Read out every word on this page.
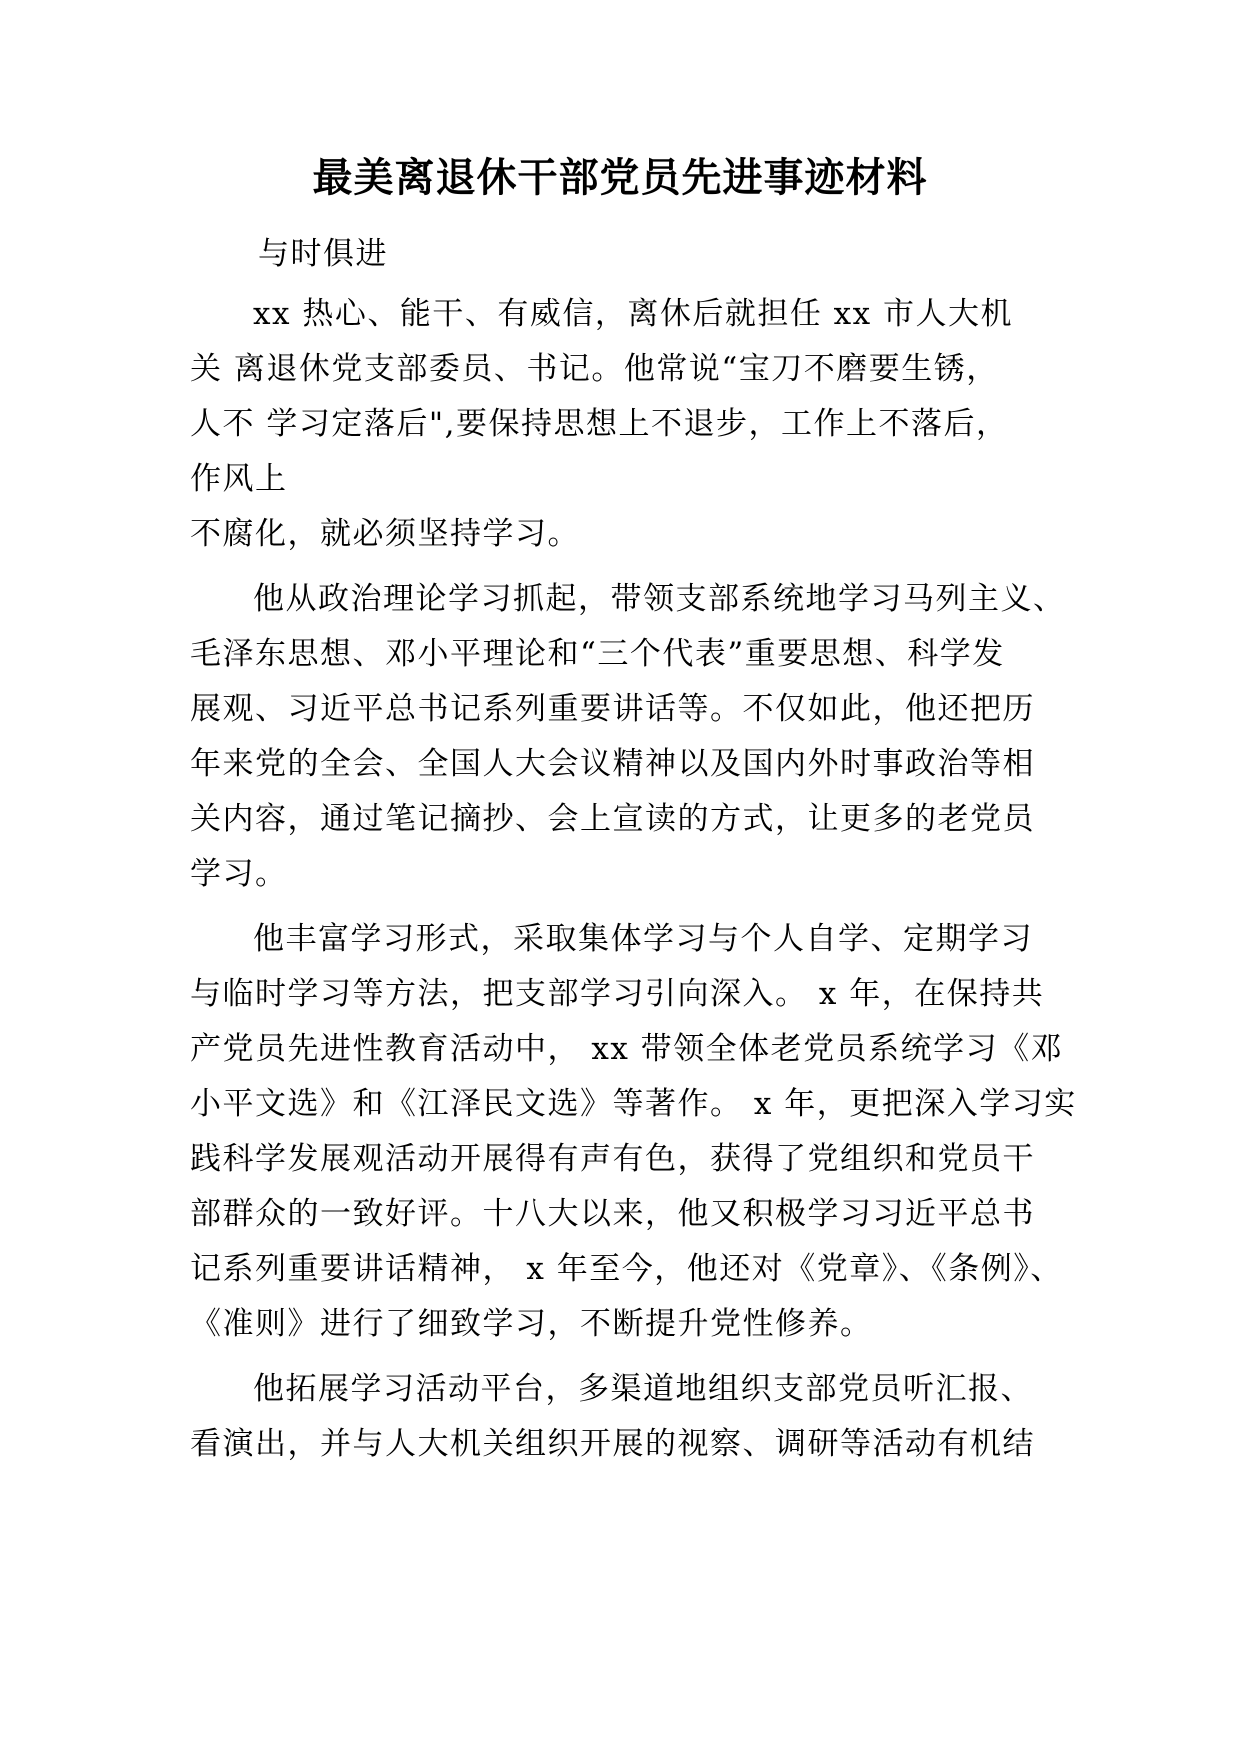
最美离退休干部党员先进事迹材料
与时俱进
xx 热心、能干、有威信，离休后就担任 xx 市人大机
关 离退休党支部委员、书记。他常说“宝刀不磨要生锈，
人不 学习定落后",要保持思想上不退步，工作上不落后，
作风上
不腐化，就必须坚持学习。
他从政治理论学习抓起，带领支部系统地学习马列主义、
毛泽东思想、邓小平理论和“三个代表”重要思想、科学发
展观、习近平总书记系列重要讲话等。不仅如此，他还把历
年来党的全会、全国人大会议精神以及国内外时事政治等相
关内容，通过笔记摘抄、会上宣读的方式，让更多的老党员
学习。
他丰富学习形式，采取集体学习与个人自学、定期学习
与临时学习等方法，把支部学习引向深入。 x 年，在保持共
产党员先进性教育活动中， xx 带领全体老党员系统学习《邓
小平文选》和《江泽民文选》等著作。 x 年，更把深入学习实
践科学发展观活动开展得有声有色，获得了党组织和党员干
部群众的一致好评。十八大以来，他又积极学习习近平总书
记系列重要讲话精神， x 年至今，他还对《党章》、《条例》、
《准则》进行了细致学习，不断提升党性修养。
他拓展学习活动平台，多渠道地组织支部党员听汇报、
看演出，并与人大机关组织开展的视察、调研等活动有机结
